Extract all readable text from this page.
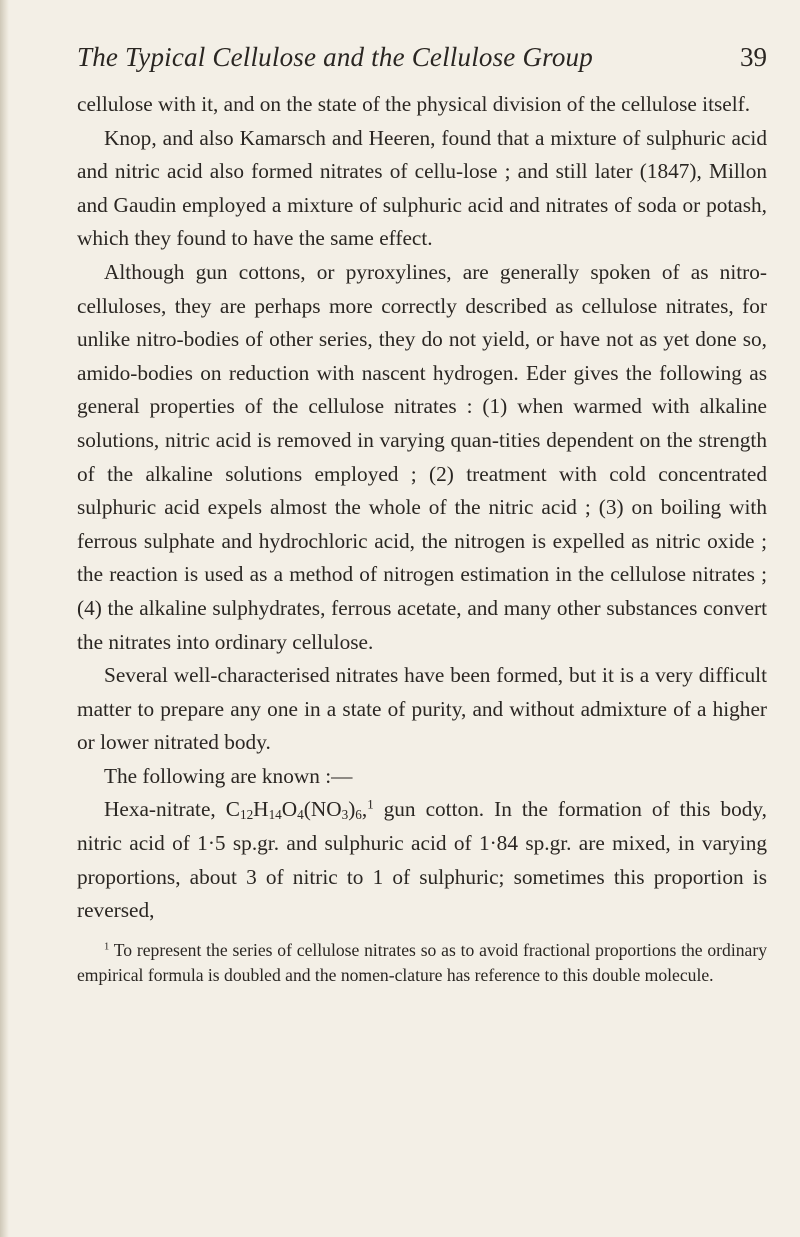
The Typical Cellulose and the Cellulose Group	39

cellulose with it, and on the state of the physical division of the cellulose itself.

Knop, and also Kamarsch and Heeren, found that a mixture of sulphuric acid and nitric acid also formed nitrates of cellu-lose ; and still later (1847), Millon and Gaudin employed a mixture of sulphuric acid and nitrates of soda or potash, which they found to have the same effect.

Although gun cottons, or pyroxylines, are generally spoken of as nitro-celluloses, they are perhaps more correctly described as cellulose nitrates, for unlike nitro-bodies of other series, they do not yield, or have not as yet done so, amido-bodies on reduction with nascent hydrogen. Eder gives the following as general properties of the cellulose nitrates : (1) when warmed with alkaline solutions, nitric acid is removed in varying quan-tities dependent on the strength of the alkaline solutions employed ; (2) treatment with cold concentrated sulphuric acid expels almost the whole of the nitric acid ; (3) on boiling with ferrous sulphate and hydrochloric acid, the nitrogen is expelled as nitric oxide ; the reaction is used as a method of nitrogen estimation in the cellulose nitrates ; (4) the alkaline sulphydrates, ferrous acetate, and many other substances convert the nitrates into ordinary cellulose.

Several well-characterised nitrates have been formed, but it is a very difficult matter to prepare any one in a state of purity, and without admixture of a higher or lower nitrated body.

The following are known :—

Hexa-nitrate, $C_{12}H_{14}O_4(NO_3)_6,^1$ gun cotton. In the formation of this body, nitric acid of 1·5 sp.gr. and sulphuric acid of 1·84 sp.gr. are mixed, in varying proportions, about 3 of nitric to 1 of sulphuric; sometimes this proportion is reversed,

$^1$ To represent the series of cellulose nitrates so as to avoid fractional proportions the ordinary empirical formula is doubled and the nomen-clature has reference to this double molecule.
